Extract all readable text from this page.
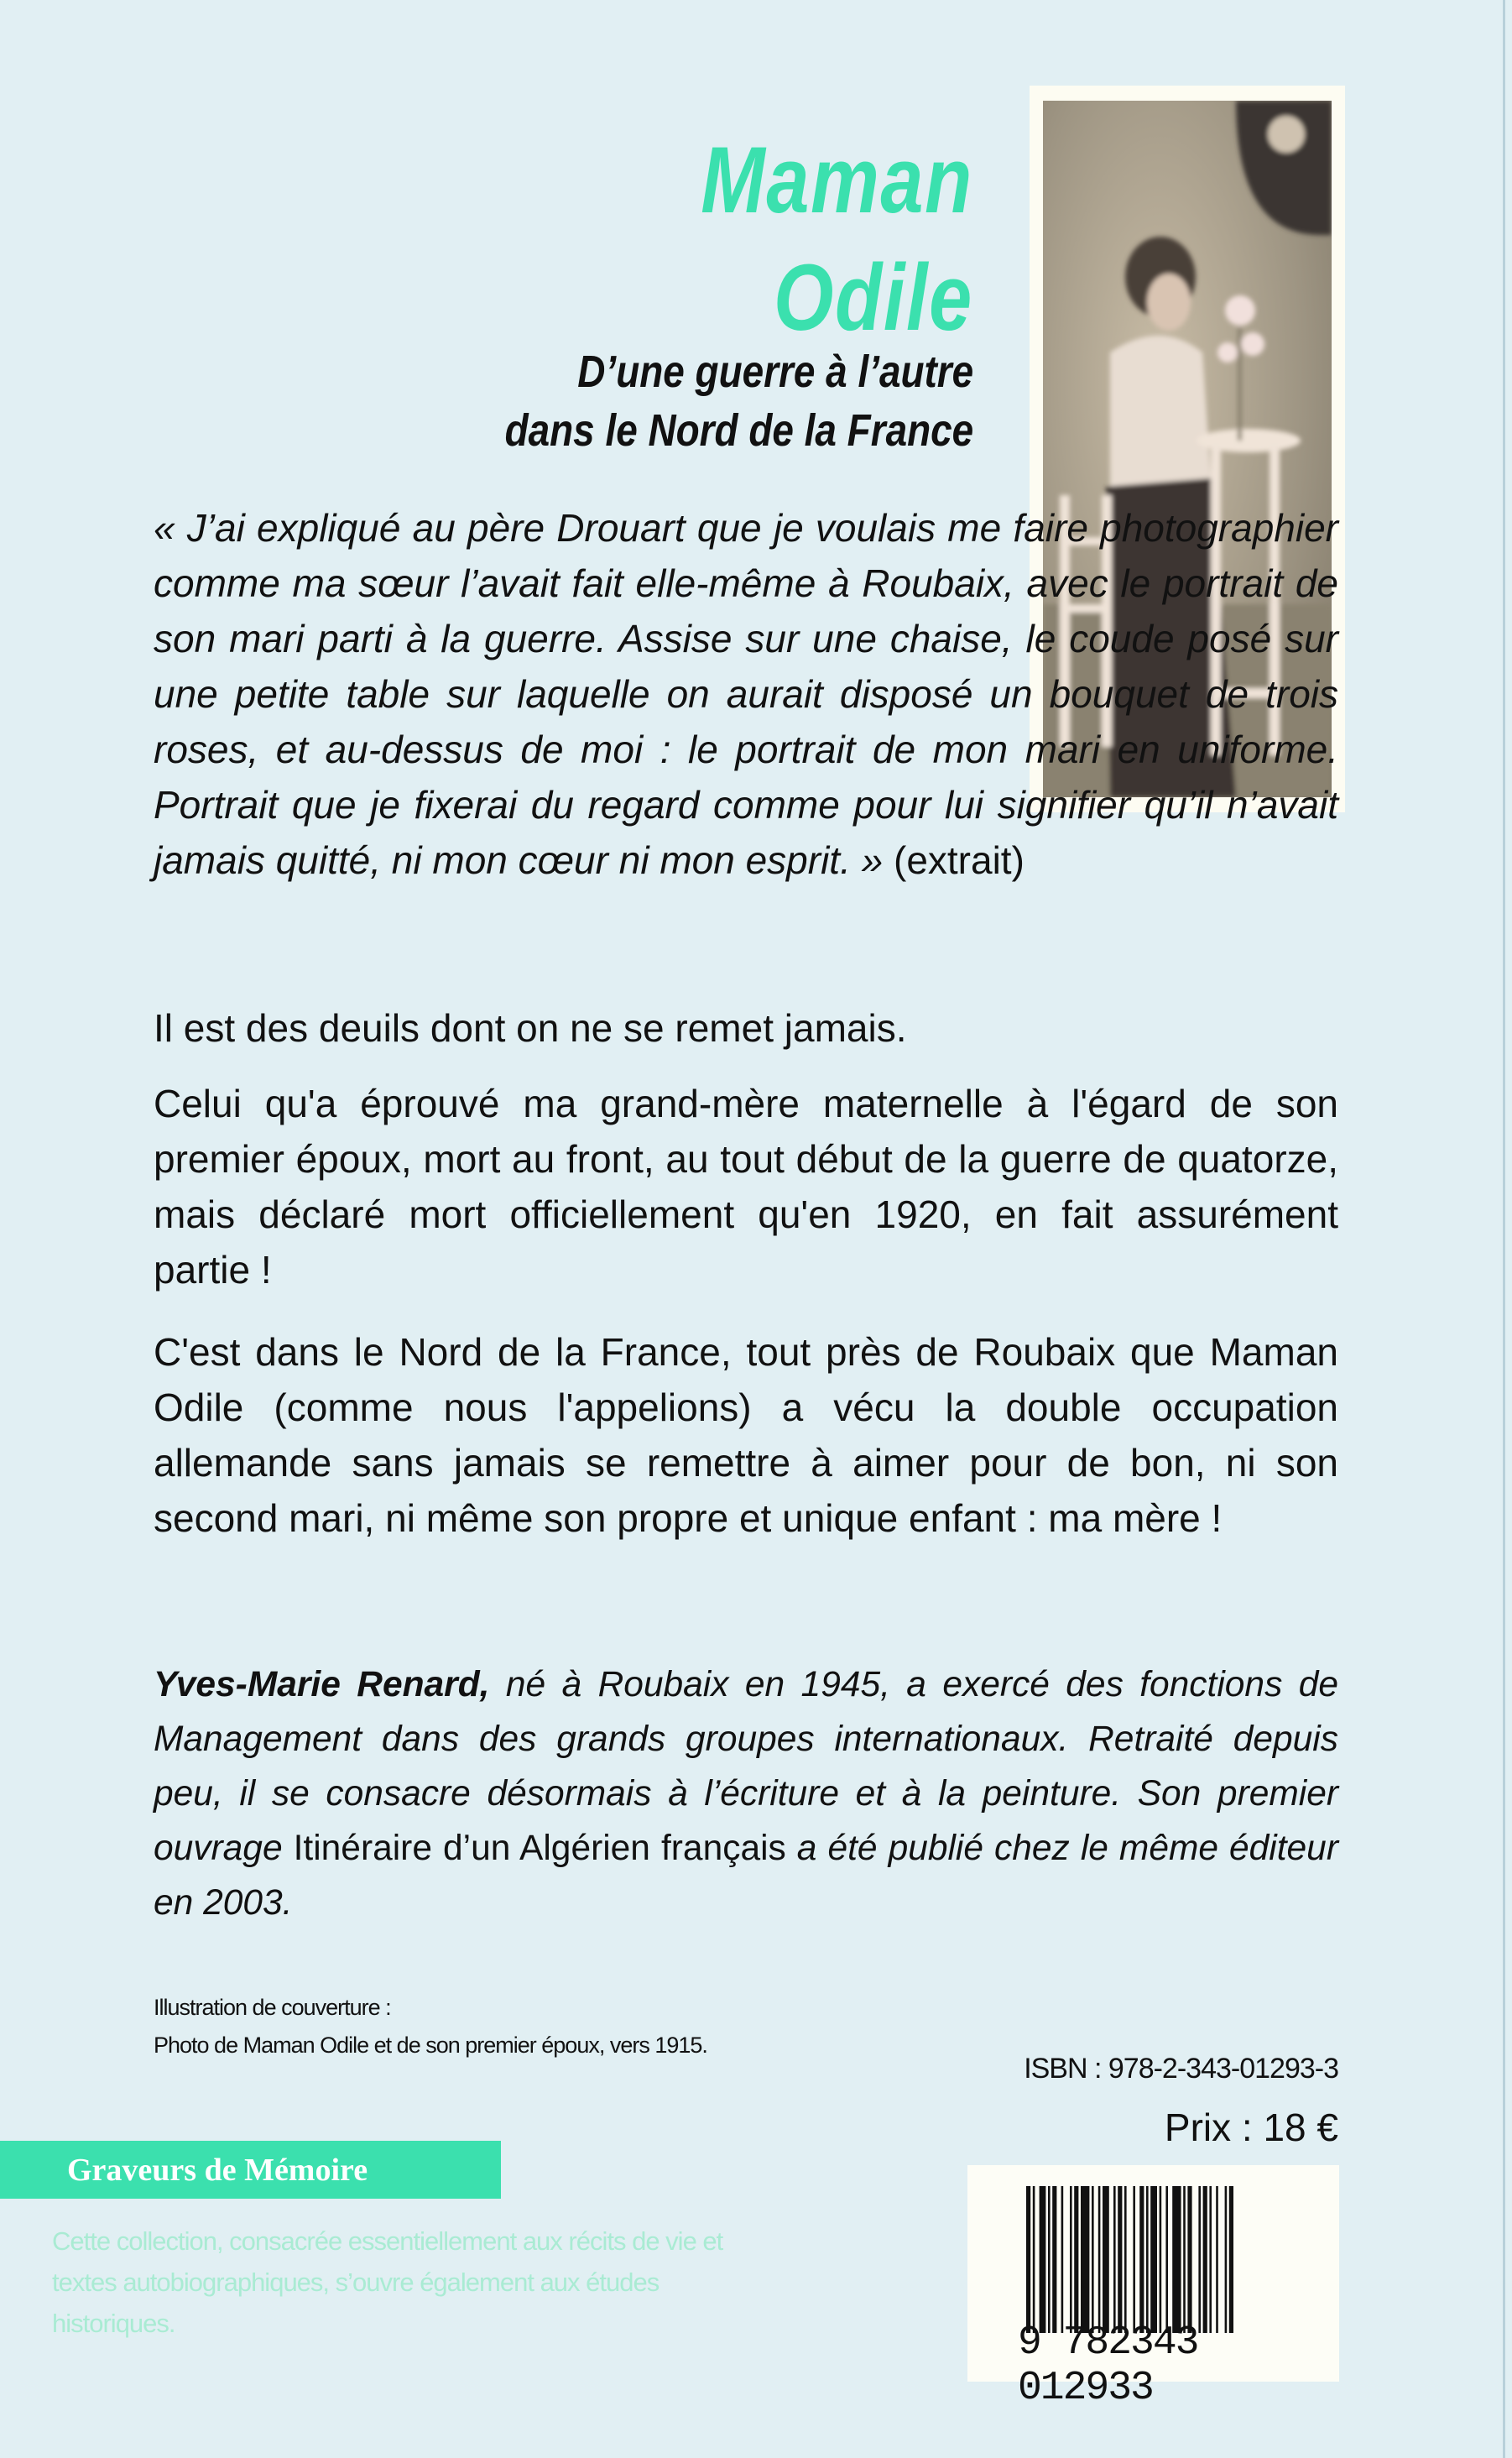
Maman
Odile
D’une guerre à l’autre
dans le Nord de la France
« J’ai expliqué au père Drouart que je voulais me faire photographier comme ma sœur l’avait fait elle-même à Roubaix, avec le portrait de son mari parti à la guerre. Assise sur une chaise, le coude posé sur une petite table sur laquelle on aurait disposé un bouquet de trois roses, et au-dessus de moi : le portrait de mon mari en uniforme. Portrait que je fixerai du regard comme pour lui signifier qu’il n’avait jamais quitté, ni mon cœur ni mon esprit. » (extrait)
Il est des deuils dont on ne se remet jamais.
Celui qu'a éprouvé ma grand-mère maternelle à l'égard de son premier époux, mort au front, au tout début de la guerre de quatorze, mais déclaré mort officiellement qu'en 1920, en fait assurément partie !
C'est dans le Nord de la France, tout près de Roubaix que Maman Odile (comme nous l'appelions) a vécu la double occupation allemande sans jamais se remettre à aimer pour de bon, ni son second mari, ni même son propre et unique enfant : ma mère !
Yves-Marie Renard, né à Roubaix en 1945, a exercé des fonctions de Management dans des grands groupes internationaux. Retraité depuis peu, il se consacre désormais à l’écriture et à la peinture. Son premier ouvrage Itinéraire d’un Algérien français a été publié chez le même éditeur en 2003.
Illustration de couverture :
Photo de Maman Odile et de son premier époux, vers 1915.
ISBN : 978-2-343-01293-3
Prix : 18 €
Graveurs de Mémoire
Cette collection, consacrée essentiellement aux récits de vie et textes autobiographiques, s’ouvre également aux études historiques.	9 782343 012933
